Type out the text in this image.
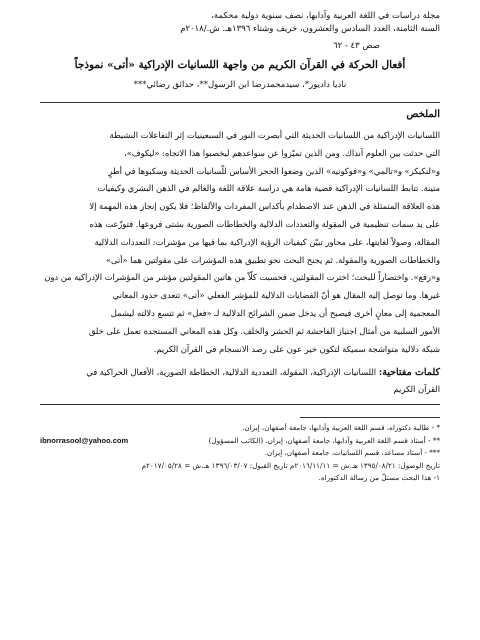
مجلة دراسات في اللغة العربية وآدابها، نصف سنوية دولية محكمة،

السنة الثامنة، العدد السادس والعشرون، خريف وشتاء ١٣٩٦هـ. ش./٢٠١٨م

صص ٤٣ - ٦٢
أفعال الحركة في القرآن الكريم من واجهة اللسانيات الإدراكية «أتى» نموذجاً
ناديا داديور*، سيدمحمدرضا ابن الرسول**، حدائق رضائي***

الملخص

اللسانيات الإدراكية من اللسانيات الحديثة التي أبصرت النور في السبعينيات إثر التفاعلات النشيطة
التي حدثت بين العلوم آنذاك. ومن الذين تميّزوا عن سواعدهم ليخصبوا هذا الاتجاه: «ليكوف»،
و«لنكيكر» و«تالمي» و«فوكونيه» الذين وضعوا الحجر الأساس للّسانيات الحديثة وسكبوها في أطرٍ
متينة. تتابط اللسانيات الإدراكية قضية هامة هي دراسة علاقة اللغة والعالم في الذهن البشري وكيفيات
هذه العلاقة المتمثلة في الذهن عند الاصطدام بأكداس المفردات والألفاظ؛ فلا يكون إنجاز هذه المهمة إلا
على يد سمات تنظيمية في المقولة والتعددات الدلالية والخطاطات الصورية بشتى فروعها. فتوزّعت هذه
المقالة، وصولاً لغايتها، على محاور تبيّن كيفيات الرؤية الإدراكية بما فيها من مؤشرات: التعددات الدلالية
والخطاطات الصورية والمقولة. ثم يجنح البحث نحو تطبيق هذه المؤشرات على مقولتين هما «أتى»
و«رفع». واختصاراً للبحث؛ اخترت المقولتين، فحسبت كلّاً من هاتين المقولتين مؤشر من المؤشرات الإدراكية من دون
غيرها. وما توصل إليه المقال هو أنّ القضايات الدلالية للمؤشر الفعلي «أتى» تتعدى حدود المعاني
المعجمية إلى معانٍ أخرى فيصبح أن يدخل ضمن الشرائح الدلالية لـ «فعل» ثم تتسع دلالته ليشمل
الأمور السلبية من أمثال اجتياز الفاحشة ثم الحشر والخلف. وكل هذه المعاني المستجدة تعمل على خلق
شبكة دلالية متواشجة سميكة لتكون خير عون على رصد الانسجام في القرآن الكريم.
كلمات مفتاحية: اللسانيات الإدراكية، المقولة، التعددية الدلالية، الخطاطة الصورية، الأفعال الحراكية في
القرآن الكريم
* - طالبة دكتوراه، قسم اللغة العربية وآدابها، جامعة أصفهان، إيران.
** - أستاذ قسم اللغة العربية وآدابها، جامعة أصفهان، إيران. (الكاتب المسؤول)
ibnorrasool@yahoo.com
*** - أستاذ مساعد، قسم اللسانيات، جامعة أصفهان، إيران.
تاريخ الوصول: ١٣٩٥/٠٨/٢١ هـ.ش = ٢٠١٦/١١/١١م تاريخ القبول: ١٣٩٦/٠٣/٠٧ هـ.ش = ٢٠١٧/٠٥/٢٨م
١- هذا البحث مستلّ من رسالة الدكتوراه.
